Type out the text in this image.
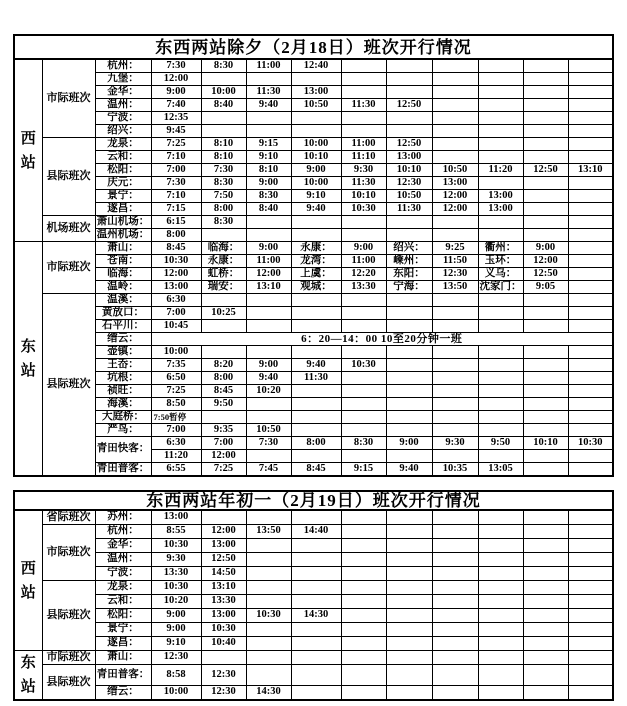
东西两站除夕（2月18日）班次开行情况												
西站	市际班次	杭州：	7:30	8:30	11:00	12:40						
		九堡：	12:00									
		金华：	9:00	10:00	11:30	13:00						
		温州：	7:40	8:40	9:40	10:50	11:30	12:50				
		宁波：	12:35									
		绍兴：	9:45									
	县际班次	龙泉：	7:25	8:10	9:15	10:00	11:00	12:50				
		云和：	7:10	8:10	9:10	10:10	11:10	13:00				
		松阳：	7:00	7:30	8:10	9:00	9:30	10:10	10:50	11:20	12:50	13:10
		庆元：	7:30	8:30	9:00	10:00	11:30	12:30	13:00			
		景宁：	7:10	7:50	8:30	9:10	10:10	10:50	12:00	13:00		
		遂昌：	7:15	8:00	8:40	9:40	10:30	11:30	12:00	13:00		
	机场班次	萧山机场：	6:15	8:30								
		温州机场：	8:00									
东站	市际班次	萧山：	8:45	临海：	9:00	永康：	9:00	绍兴：	9:25	衢州：	9:00	
		苍南：	10:30	永康：	11:00	龙湾：	11:00	嵊州：	11:50	玉环：	12:00	
		临海：	12:00	虹桥：	12:00	上虞：	12:20	东阳：	12:30	义乌：	12:50	
		温岭：	13:00	瑞安：	13:10	观城：	13:30	宁海：	13:50	沈家门：	9:05	
	县际班次	温溪：	6:30									
		黄放口：	7:00	10:25								
		石平川：	10:45									
		缙云：	6：20—14：00 10至20分钟一班									
		壶镇：	10:00									
		王岙：	7:35	8:20	9:00	9:40	10:30					
		坑根：	6:50	8:00	9:40	11:30						
		祯旺：	7:25	8:45	10:20							
		海溪：	8:50	9:50								
		大庭桥：	7:50暂停									
		严鸟：	7:00	9:35	10:50							
		青田快客：	6:30	7:00	7:30	8:00	8:30	9:00	9:30	9:50	10:10	10:30
			11:20	12:00								
		青田普客：	6:55	7:25	7:45	8:45	9:15	9:40	10:35	13:05		
东西两站年初一（2月19日）班次开行情况												
西站	省际班次	苏州：	13:00									
	市际班次	杭州：	8:55	12:00	13:50	14:40						
		金华：	10:30	13:00								
		温州：	9:30	12:50								
		宁波：	13:30	14:50								
	县际班次	龙泉：	10:30	13:10								
		云和：	10:20	13:30								
		松阳：	9:00	13:00	10:30	14:30						
		景宁：	9:00	10:30								
		遂昌：	9:10	10:40								
东站	市际班次	萧山：	12:30									
	县际班次	青田普客：	8:58	12:30								
		缙云：	10:00	12:30	14:30							
